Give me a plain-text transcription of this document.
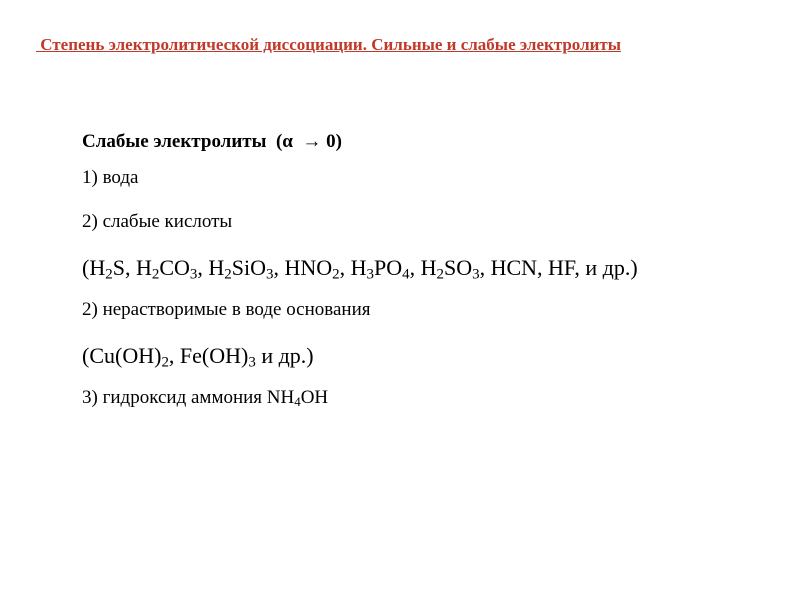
Степень электролитической диссоциации. Сильные и слабые электролиты
Слабые электролиты  (α  → 0)
1) вода
2) слабые кислоты
($H_2S$, $H_2CO_3$, $H_2SiO_3$, $HNO_2$, $H_3PO_4$, $H_2SO_3$, HCN, HF, и др.)
2) нерастворимые в воде основания
($Cu(OH)_2$, $Fe(OH)_3$ и др.)
3) гидроксид аммония $NH_4OH$
